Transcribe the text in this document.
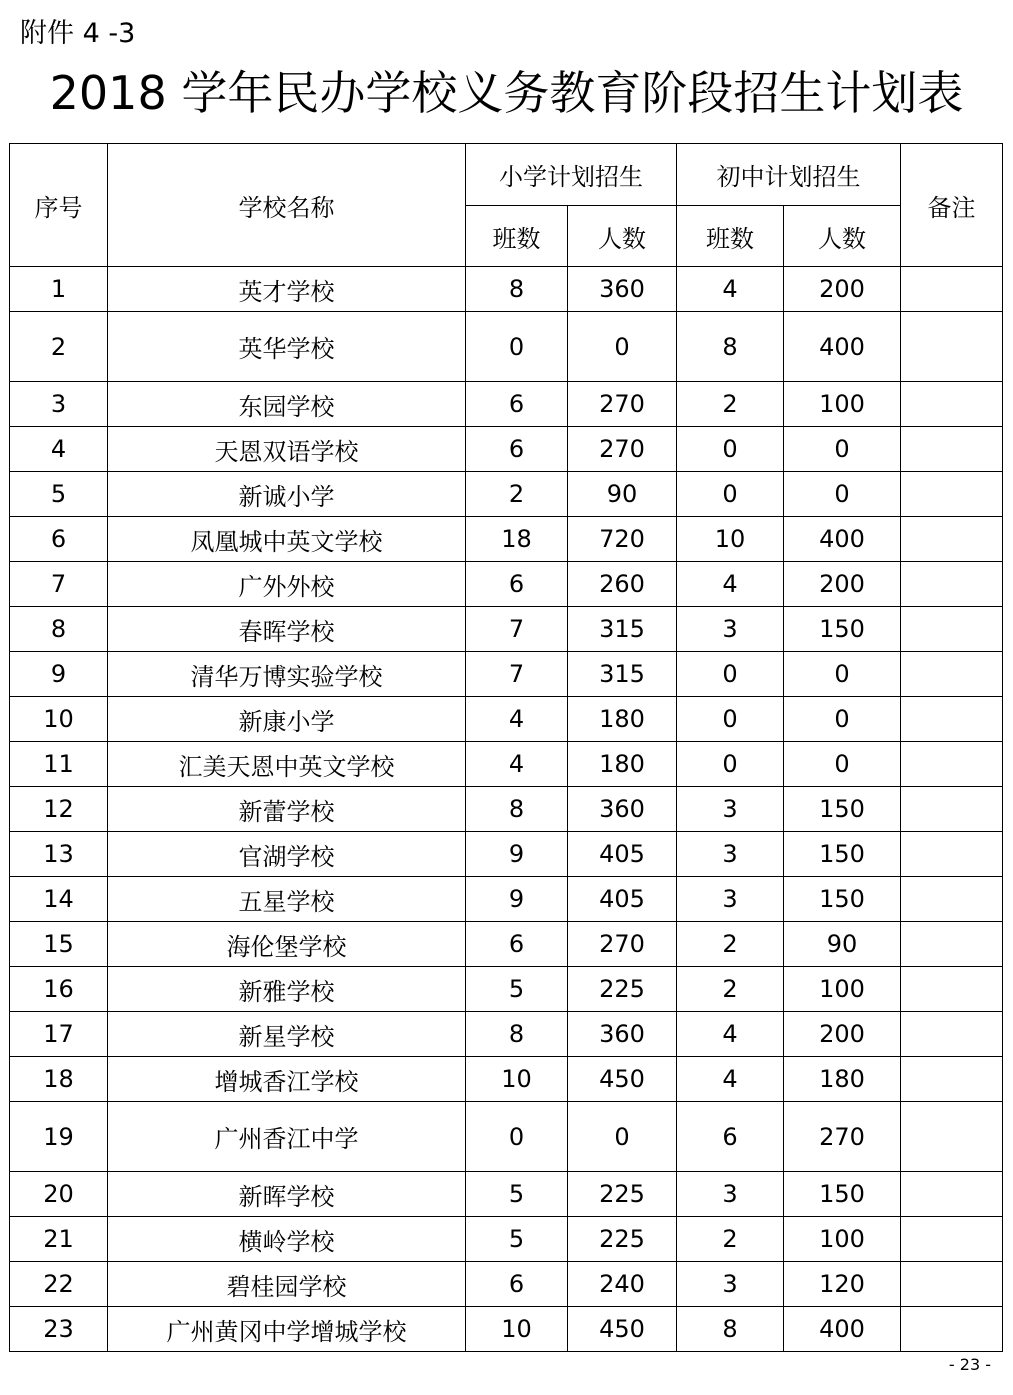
附件 4 -3
2018 学年民办学校义务教育阶段招生计划表
序号	学校名称	小学计划招生		初中计划招生		备注
		班数	人数	班数	人数	
1	英才学校	8	360	4	200	
2	英华学校	0	0	8	400	
3	东园学校	6	270	2	100	
4	天恩双语学校	6	270	0	0	
5	新诚小学	2	90	0	0	
6	凤凰城中英文学校	18	720	10	400	
7	广外外校	6	260	4	200	
8	春晖学校	7	315	3	150	
9	清华万博实验学校	7	315	0	0	
10	新康小学	4	180	0	0	
11	汇美天恩中英文学校	4	180	0	0	
12	新蕾学校	8	360	3	150	
13	官湖学校	9	405	3	150	
14	五星学校	9	405	3	150	
15	海伦堡学校	6	270	2	90	
16	新雅学校	5	225	2	100	
17	新星学校	8	360	4	200	
18	增城香江学校	10	450	4	180	
19	广州香江中学	0	0	6	270	
20	新晖学校	5	225	3	150	
21	横岭学校	5	225	2	100	
22	碧桂园学校	6	240	3	120	
23	广州黄冈中学增城学校	10	450	8	400	
- 23 -
